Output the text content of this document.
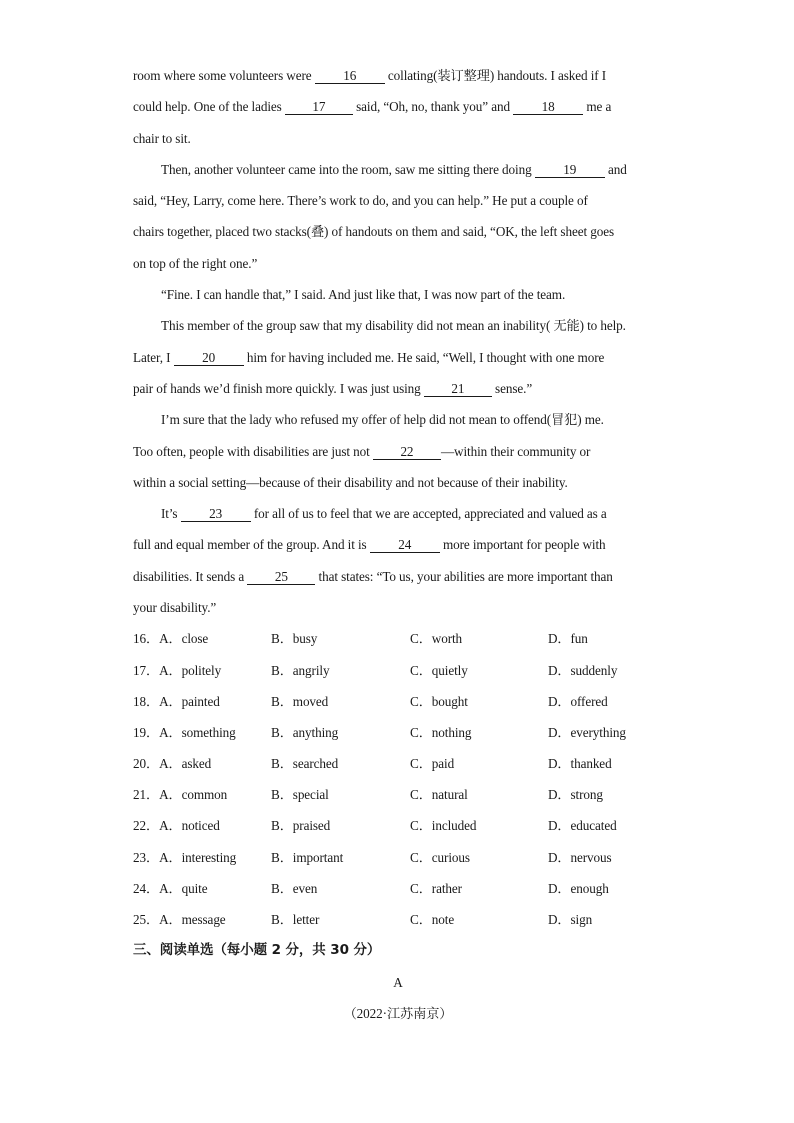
room where some volunteers were 16 collating(装订整理) handouts. I asked if I
could help. One of the ladies 17 said, “Oh, no, thank you” and 18 me a
chair to sit.
Then, another volunteer came into the room, saw me sitting there doing 19 and
said, “Hey, Larry, come here. There’s work to do, and you can help.” He put a couple of
chairs together, placed two stacks(叠) of handouts on them and said, “OK, the left sheet goes
on top of the right one.”
“Fine. I can handle that,” I said. And just like that, I was now part of the team.
This member of the group saw that my disability did not mean an inability( 无能) to help.
Later, I 20 him for having included me. He said, “Well, I thought with one more
pair of hands we’d finish more quickly. I was just using 21 sense.”
I’m sure that the lady who refused my offer of help did not mean to offend(冒犯) me.
Too often, people with disabilities are just not 22 —within their community or
within a social setting—because of their disability and not because of their inability.
It’s 23 for all of us to feel that we are accepted, appreciated and valued as a
full and equal member of the group. And it is 24 more important for people with
disabilities. It sends a 25 that states: “To us, your abilities are more important than
your disability.”
16．A．close	B．busy	C．worth	D．fun
17．A．politely	B．angrily	C．quietly	D．suddenly
18．A．painted	B．moved	C．bought	D．offered
19．A．something	B．anything	C．nothing	D．everything
20．A．asked	B．searched	C．paid	D．thanked
21．A．common	B．special	C．natural	D．strong
22．A．noticed	B．praised	C．included	D．educated
23．A．interesting	B．important	C．curious	D．nervous
24．A．quite	B．even	C．rather	D．enough
25．A．message	B．letter	C．note	D．sign
三、阅读单选（每小题 2 分，共 30 分）
A
（2022·江苏南京）
